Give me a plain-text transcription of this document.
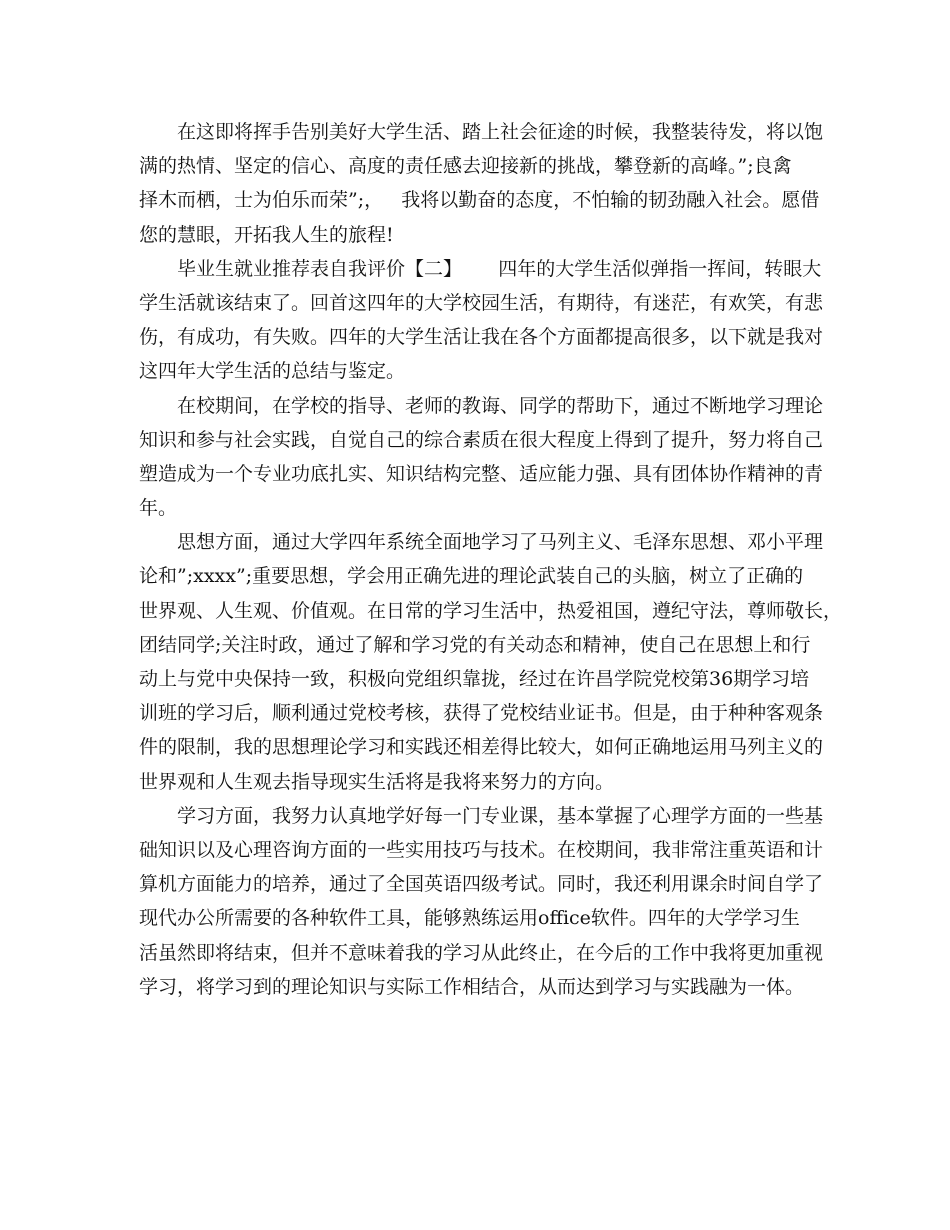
　　在这即将挥手告别美好大学生活、踏上社会征途的时候，我整装待发，将以饱
满的热情、坚定的信心、高度的责任感去迎接新的挑战，攀登新的高峰。”;良禽
择木而栖，士为伯乐而荣”;，   我将以勤奋的态度，不怕输的韧劲融入社会。愿借
您的慧眼，开拓我人生的旅程!
　　毕业生就业推荐表自我评价【二】      四年的大学生活似弹指一挥间，转眼大
学生活就该结束了。回首这四年的大学校园生活，有期待，有迷茫，有欢笑，有悲
伤，有成功，有失败。四年的大学生活让我在各个方面都提高很多，以下就是我对
这四年大学生活的总结与鉴定。
　　在校期间，在学校的指导、老师的教诲、同学的帮助下，通过不断地学习理论
知识和参与社会实践，自觉自己的综合素质在很大程度上得到了提升，努力将自己
塑造成为一个专业功底扎实、知识结构完整、适应能力强、具有团体协作精神的青
年。
　　思想方面，通过大学四年系统全面地学习了马列主义、毛泽东思想、邓小平理
论和”;xxxx”;重要思想，学会用正确先进的理论武装自己的头脑，树立了正确的
世界观、人生观、价值观。在日常的学习生活中，热爱祖国，遵纪守法，尊师敬长，
团结同学;关注时政，通过了解和学习党的有关动态和精神，使自己在思想上和行
动上与党中央保持一致，积极向党组织靠拢，经过在许昌学院党校第36期学习培
训班的学习后，顺利通过党校考核，获得了党校结业证书。但是，由于种种客观条
件的限制，我的思想理论学习和实践还相差得比较大，如何正确地运用马列主义的
世界观和人生观去指导现实生活将是我将来努力的方向。
　　学习方面，我努力认真地学好每一门专业课，基本掌握了心理学方面的一些基
础知识以及心理咨询方面的一些实用技巧与技术。在校期间，我非常注重英语和计
算机方面能力的培养，通过了全国英语四级考试。同时，我还利用课余时间自学了
现代办公所需要的各种软件工具，能够熟练运用office软件。四年的大学学习生
活虽然即将结束，但并不意味着我的学习从此终止，在今后的工作中我将更加重视
学习，将学习到的理论知识与实际工作相结合，从而达到学习与实践融为一体。
